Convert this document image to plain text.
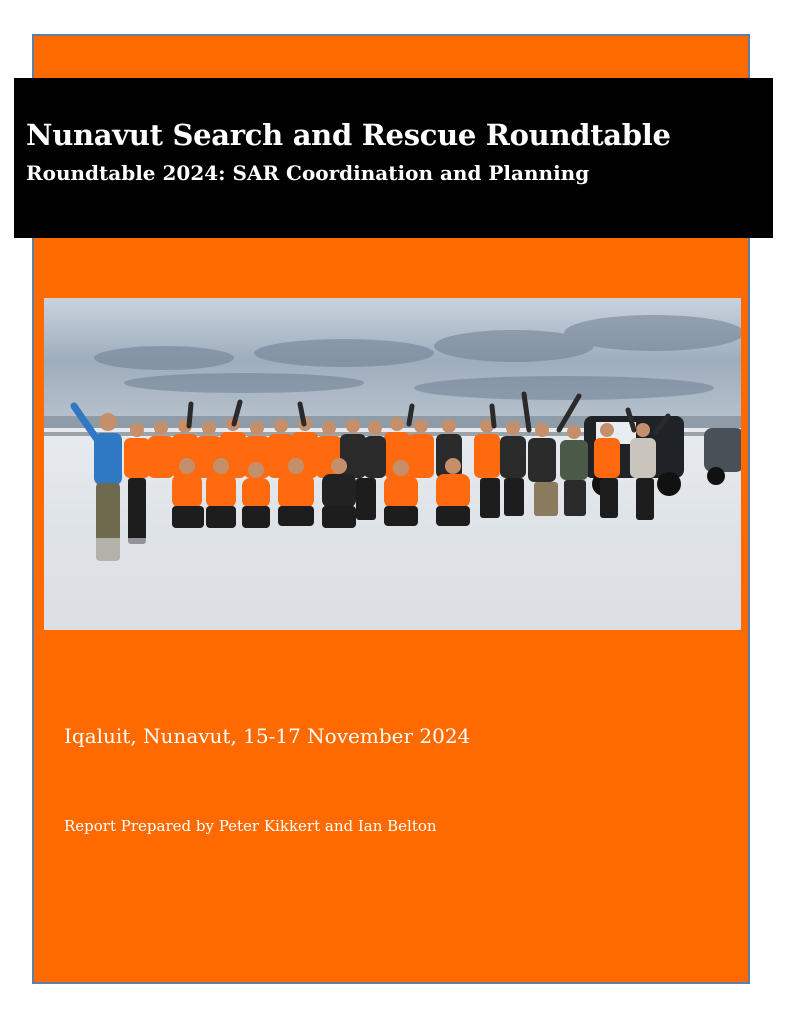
Nunavut Search and Rescue Roundtable
Roundtable 2024: SAR Coordination and Planning
Iqaluit, Nunavut, 15-17 November 2024
Report Prepared by Peter Kikkert and Ian Belton
